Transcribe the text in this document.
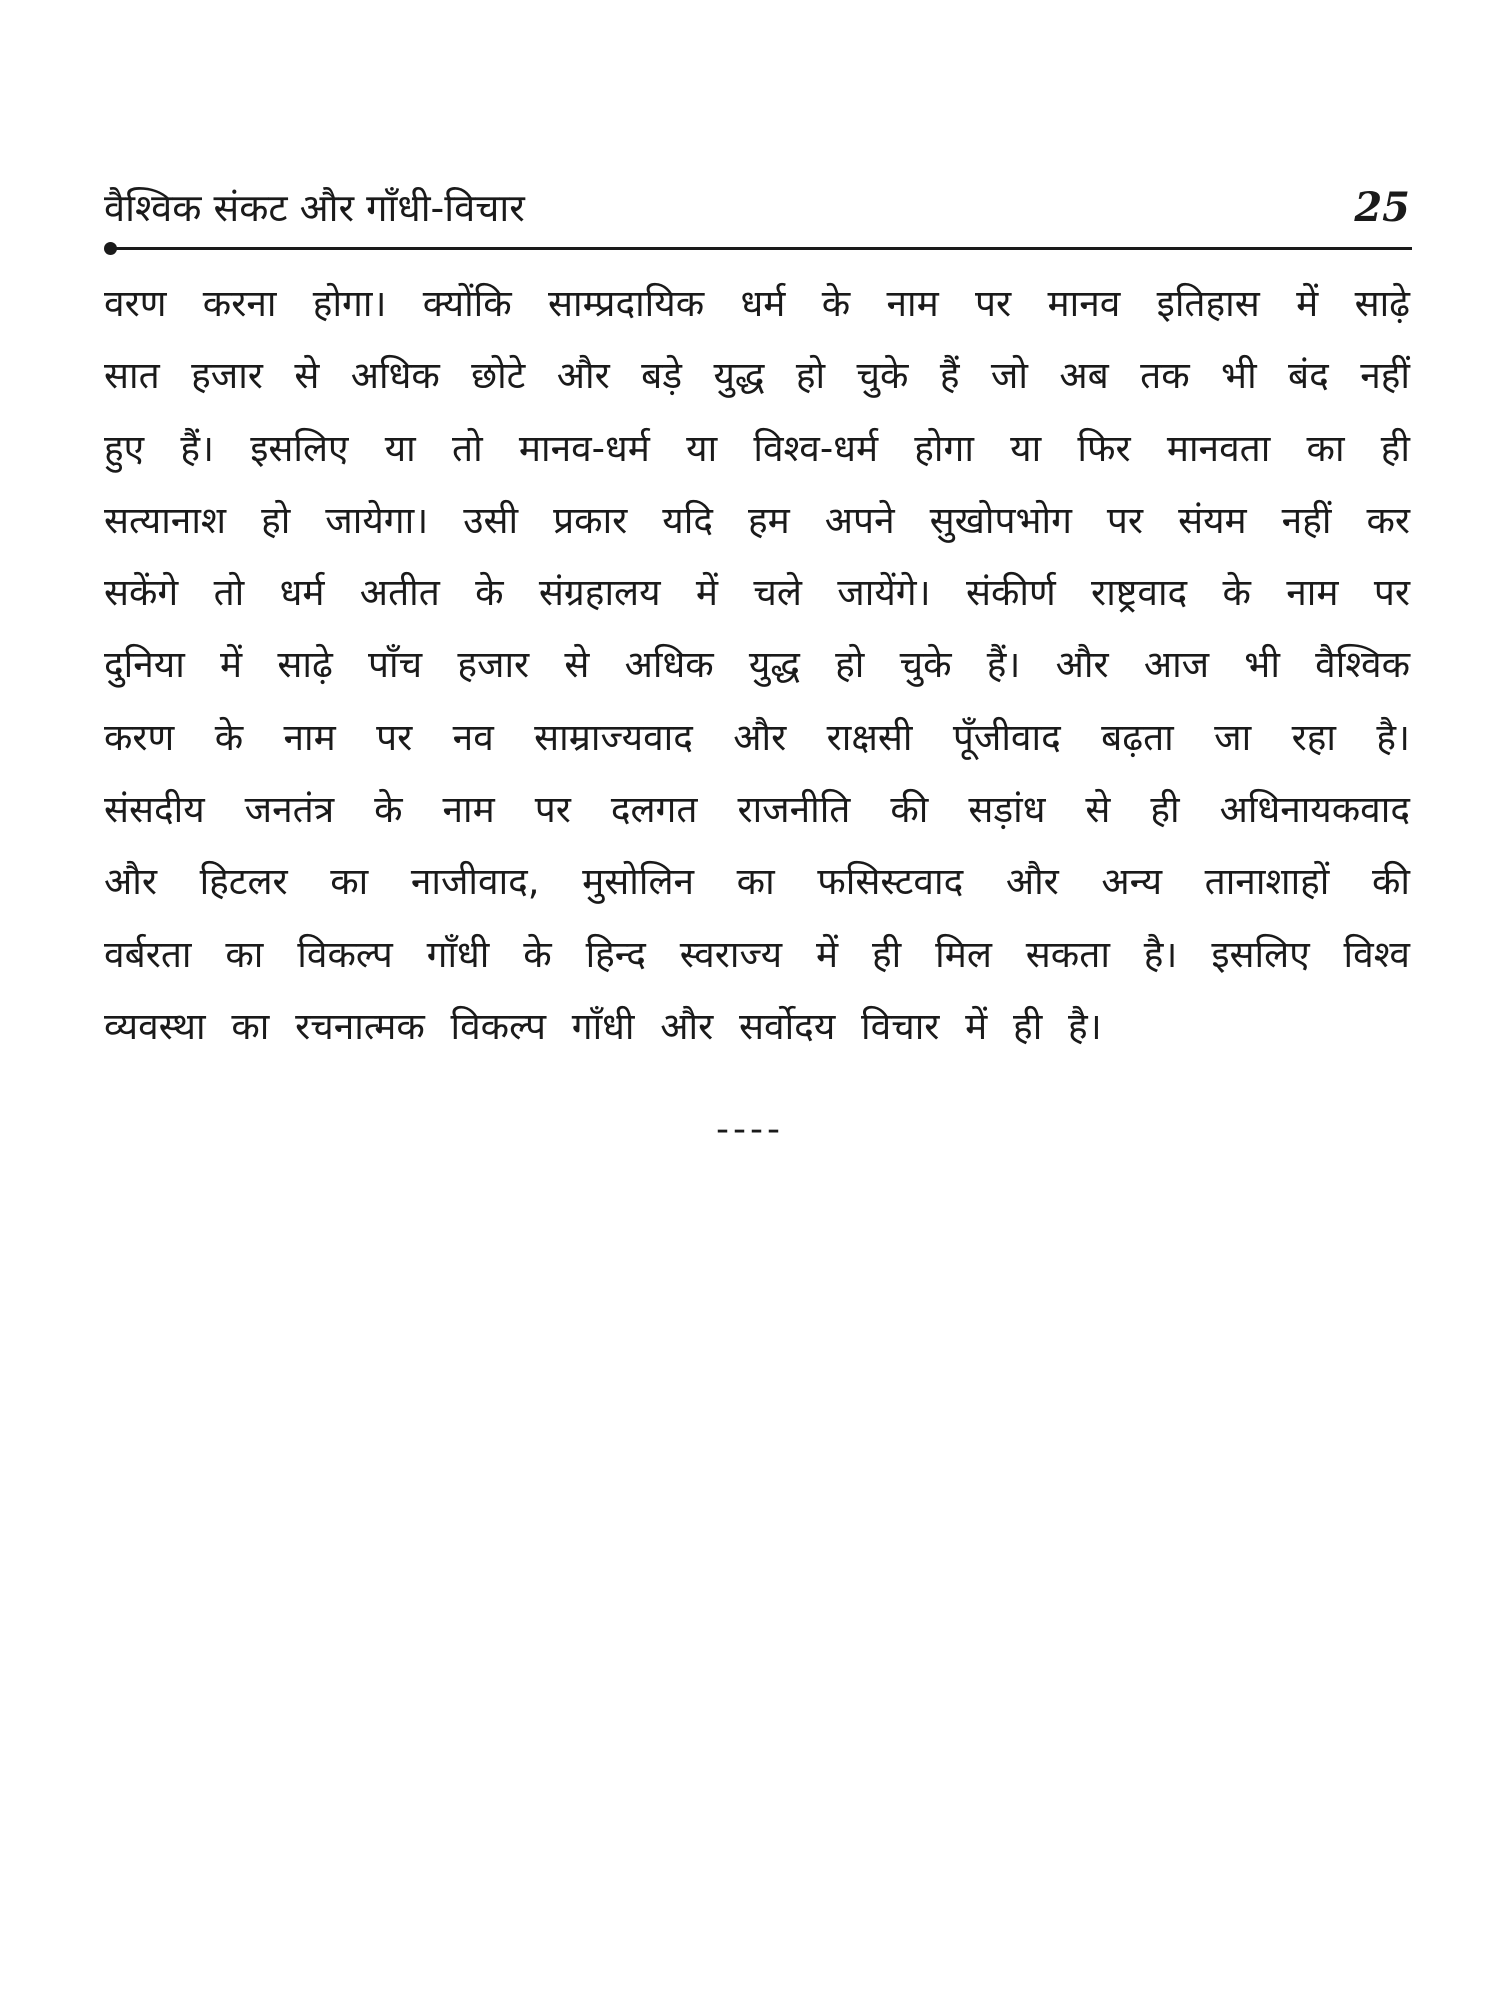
वैश्विक संकट और गाँधी-विचार	25
वरण करना होगा। क्योंकि साम्प्रदायिक धर्म के नाम पर मानव इतिहास में साढ़े
सात हजार से अधिक छोटे और बड़े युद्ध हो चुके हैं जो अब तक भी बंद नहीं
हुए हैं। इसलिए या तो मानव-धर्म या विश्व-धर्म होगा या फिर मानवता का ही
सत्यानाश हो जायेगा। उसी प्रकार यदि हम अपने सुखोपभोग पर संयम नहीं कर
सकेंगे तो धर्म अतीत के संग्रहालय में चले जायेंगे। संकीर्ण राष्ट्रवाद के नाम पर
दुनिया में साढ़े पाँच हजार से अधिक युद्ध हो चुके हैं। और आज भी वैश्विक
करण के नाम पर नव साम्राज्यवाद और राक्षसी पूँजीवाद बढ़ता जा रहा है।
संसदीय जनतंत्र के नाम पर दलगत राजनीति की सड़ांध से ही अधिनायकवाद
और हिटलर का नाजीवाद, मुसोलिन का फसिस्टवाद और अन्य तानाशाहों की
वर्बरता का विकल्प गाँधी के हिन्द स्वराज्य में ही मिल सकता है। इसलिए विश्व
व्यवस्था का रचनात्मक विकल्प गाँधी और सर्वोदय विचार में ही है।
----
